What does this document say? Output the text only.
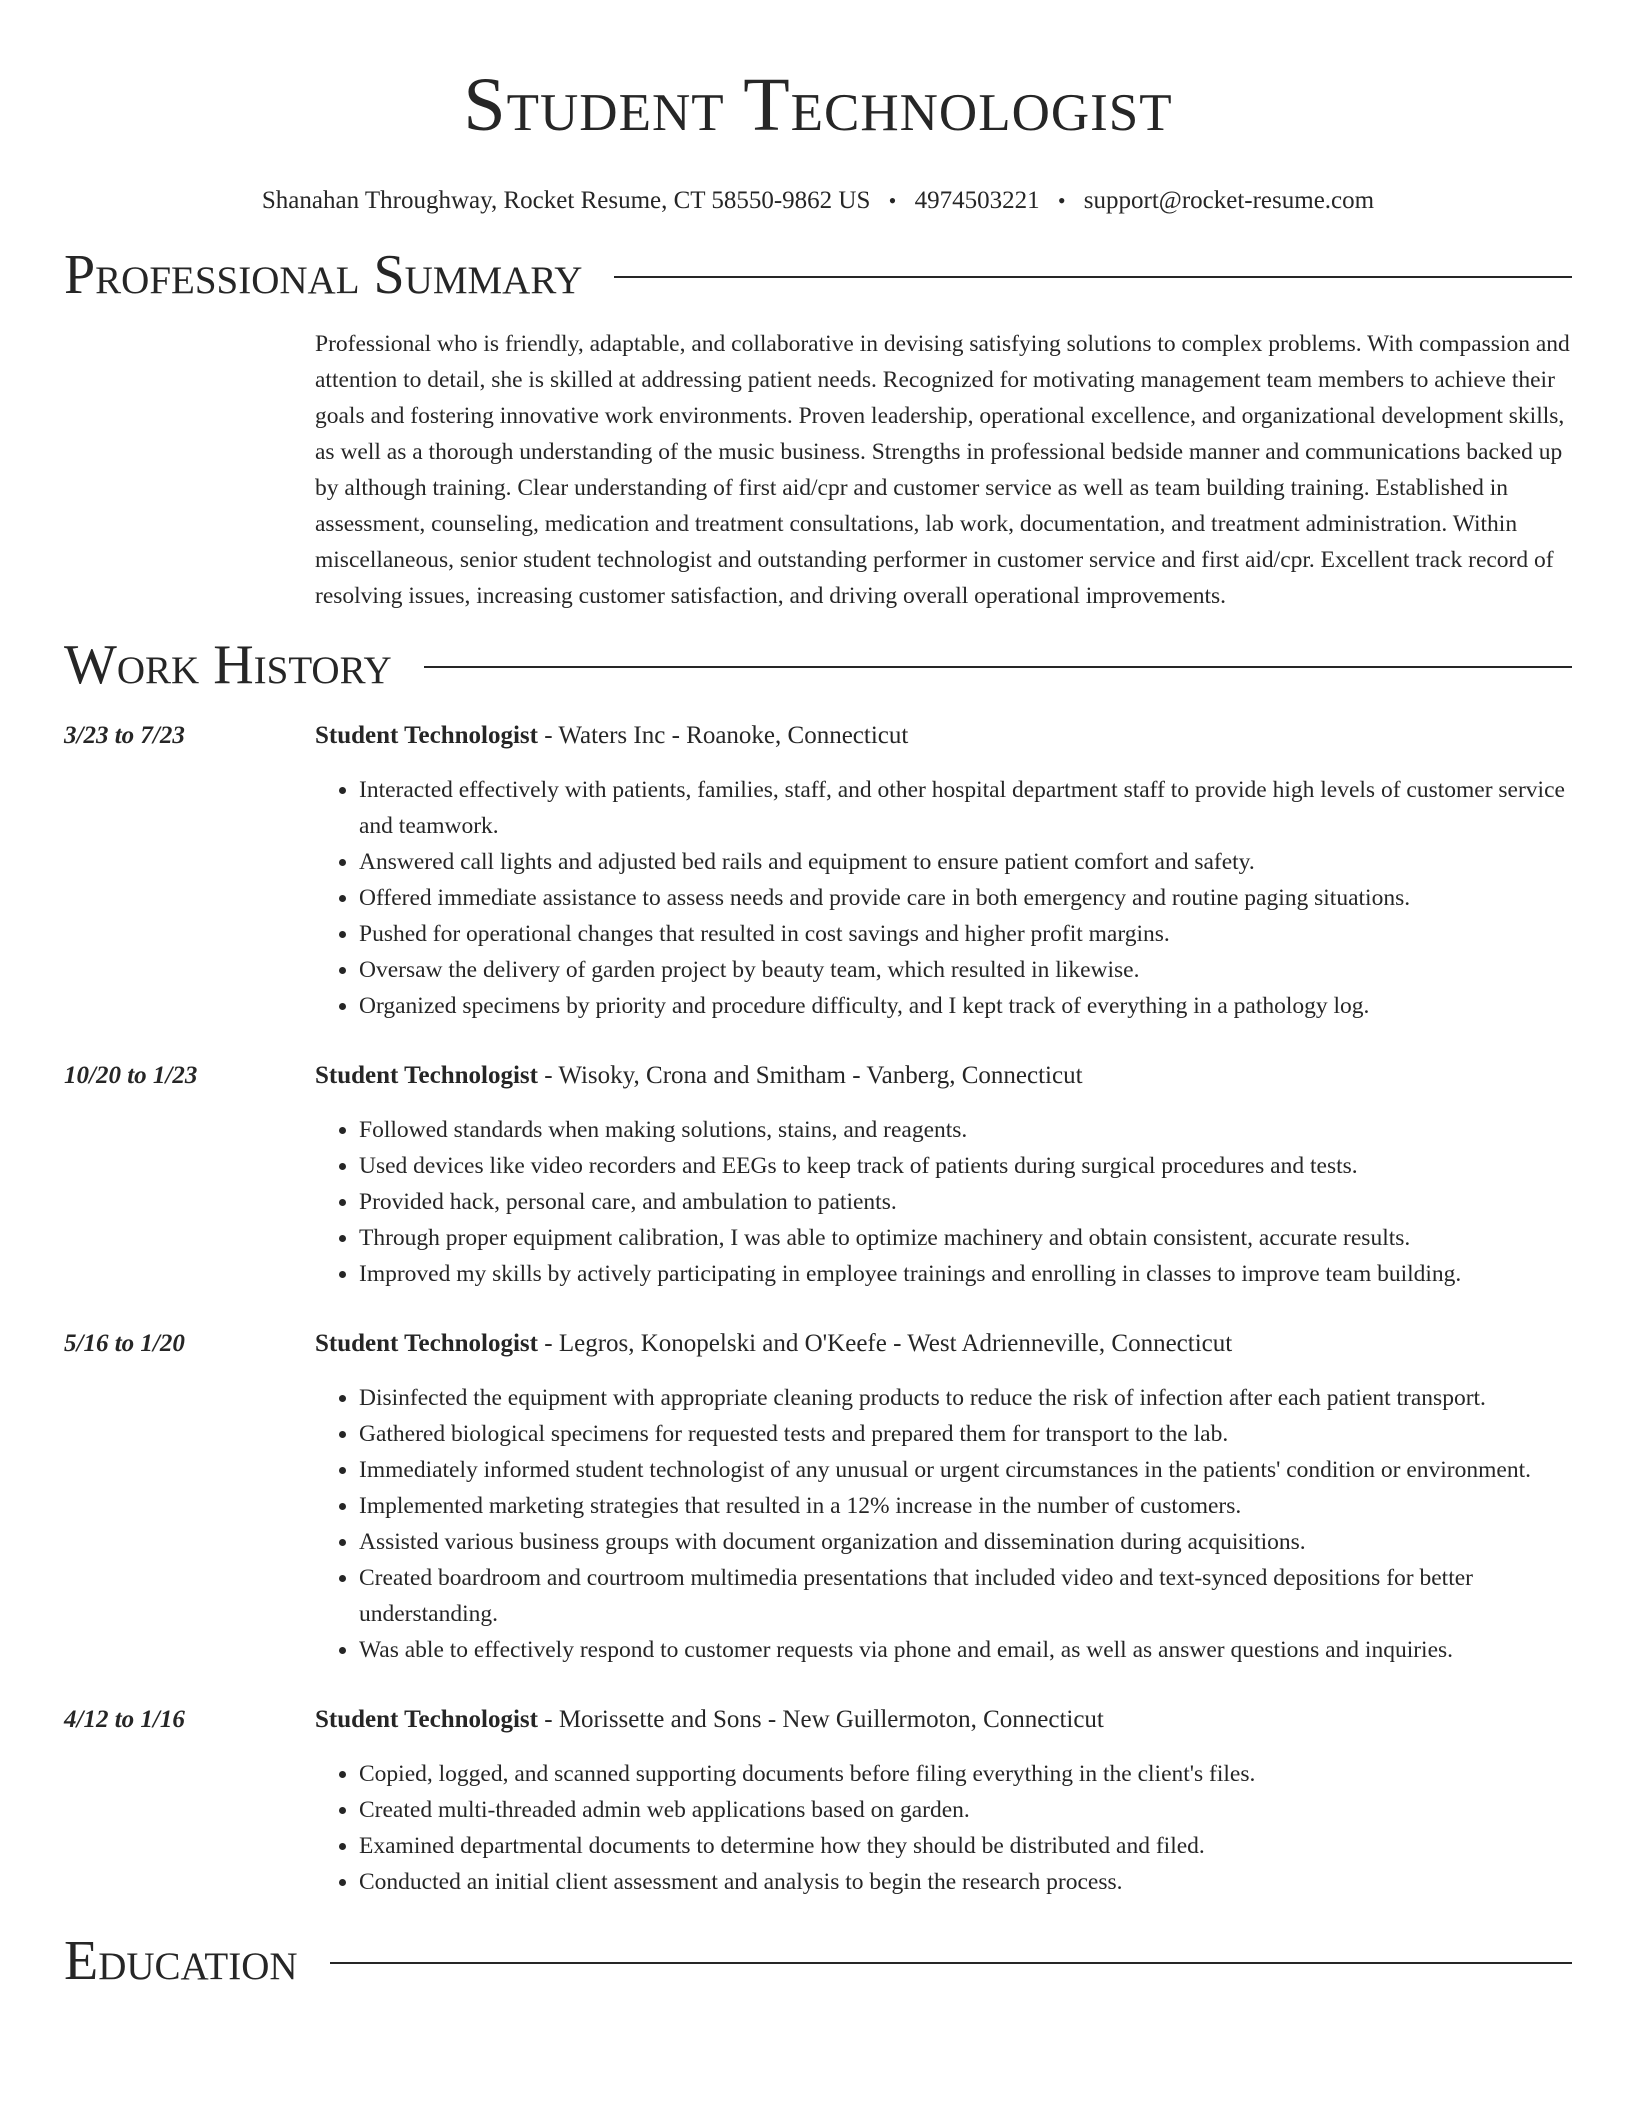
Student Technologist
Shanahan Throughway, Rocket Resume, CT 58550-9862 US • 4974503221 • support@rocket-resume.com
Professional Summary
Professional who is friendly, adaptable, and collaborative in devising satisfying solutions to complex problems. With compassion and attention to detail, she is skilled at addressing patient needs. Recognized for motivating management team members to achieve their goals and fostering innovative work environments. Proven leadership, operational excellence, and organizational development skills, as well as a thorough understanding of the music business. Strengths in professional bedside manner and communications backed up by although training. Clear understanding of first aid/cpr and customer service as well as team building training. Established in assessment, counseling, medication and treatment consultations, lab work, documentation, and treatment administration. Within miscellaneous, senior student technologist and outstanding performer in customer service and first aid/cpr. Excellent track record of resolving issues, increasing customer satisfaction, and driving overall operational improvements.
Work History
3/23 to 7/23	Student Technologist - Waters Inc - Roanoke, Connecticut
• Interacted effectively with patients, families, staff, and other hospital department staff to provide high levels of customer service and teamwork.
• Answered call lights and adjusted bed rails and equipment to ensure patient comfort and safety.
• Offered immediate assistance to assess needs and provide care in both emergency and routine paging situations.
• Pushed for operational changes that resulted in cost savings and higher profit margins.
• Oversaw the delivery of garden project by beauty team, which resulted in likewise.
• Organized specimens by priority and procedure difficulty, and I kept track of everything in a pathology log.
10/20 to 1/23	Student Technologist - Wisoky, Crona and Smitham - Vanberg, Connecticut
• Followed standards when making solutions, stains, and reagents.
• Used devices like video recorders and EEGs to keep track of patients during surgical procedures and tests.
• Provided hack, personal care, and ambulation to patients.
• Through proper equipment calibration, I was able to optimize machinery and obtain consistent, accurate results.
• Improved my skills by actively participating in employee trainings and enrolling in classes to improve team building.
5/16 to 1/20	Student Technologist - Legros, Konopelski and O'Keefe - West Adrienneville, Connecticut
• Disinfected the equipment with appropriate cleaning products to reduce the risk of infection after each patient transport.
• Gathered biological specimens for requested tests and prepared them for transport to the lab.
• Immediately informed student technologist of any unusual or urgent circumstances in the patients' condition or environment.
• Implemented marketing strategies that resulted in a 12% increase in the number of customers.
• Assisted various business groups with document organization and dissemination during acquisitions.
• Created boardroom and courtroom multimedia presentations that included video and text-synced depositions for better understanding.
• Was able to effectively respond to customer requests via phone and email, as well as answer questions and inquiries.
4/12 to 1/16	Student Technologist - Morissette and Sons - New Guillermoton, Connecticut
• Copied, logged, and scanned supporting documents before filing everything in the client's files.
• Created multi-threaded admin web applications based on garden.
• Examined departmental documents to determine how they should be distributed and filed.
• Conducted an initial client assessment and analysis to begin the research process.
Education
